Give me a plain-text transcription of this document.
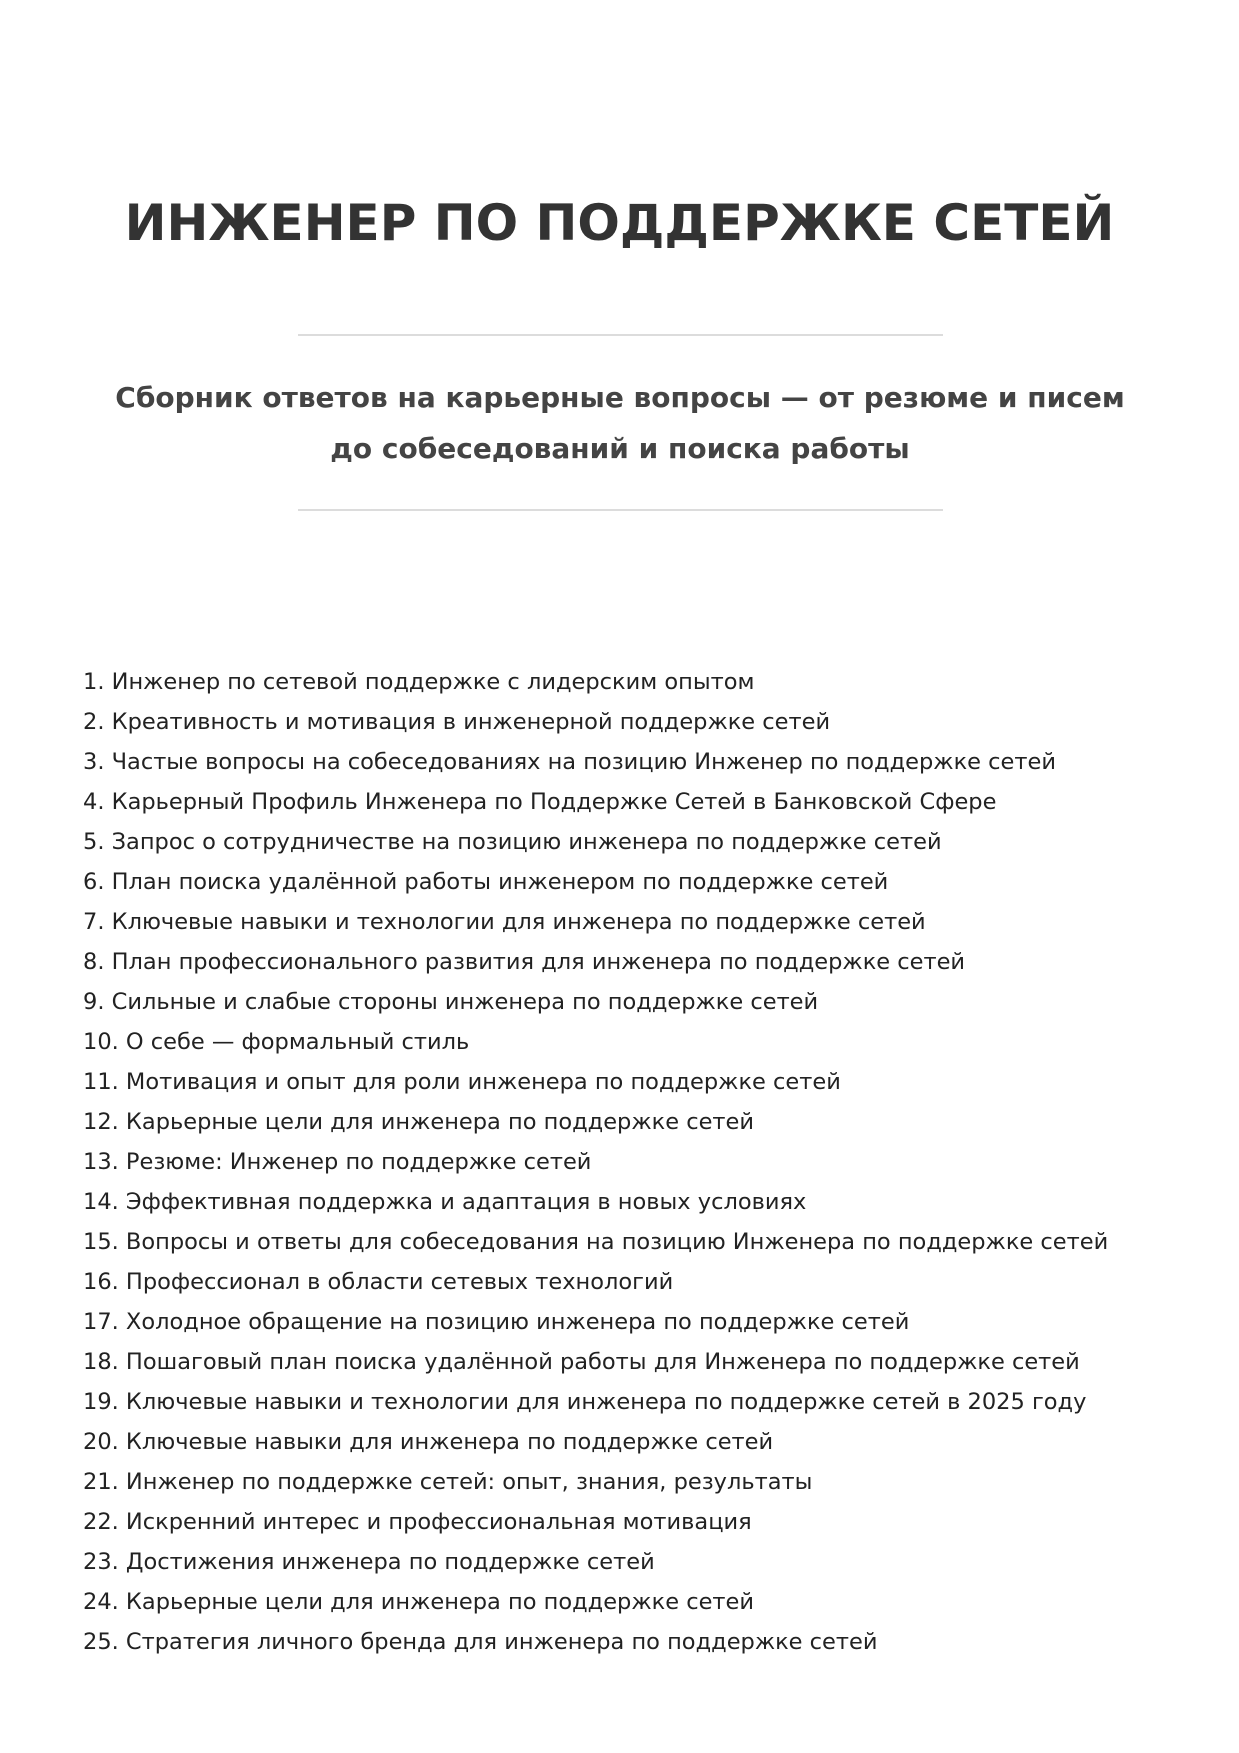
ИНЖЕНЕР ПО ПОДДЕРЖКЕ СЕТЕЙ

Сборник ответов на карьерные вопросы — от резюме и писем до собеседований и поиска работы

1. Инженер по сетевой поддержке с лидерским опытом
2. Креативность и мотивация в инженерной поддержке сетей
3. Частые вопросы на собеседованиях на позицию Инженер по поддержке сетей
4. Карьерный Профиль Инженера по Поддержке Сетей в Банковской Сфере
5. Запрос о сотрудничестве на позицию инженера по поддержке сетей
6. План поиска удалённой работы инженером по поддержке сетей
7. Ключевые навыки и технологии для инженера по поддержке сетей
8. План профессионального развития для инженера по поддержке сетей
9. Сильные и слабые стороны инженера по поддержке сетей
10. О себе — формальный стиль
11. Мотивация и опыт для роли инженера по поддержке сетей
12. Карьерные цели для инженера по поддержке сетей
13. Резюме: Инженер по поддержке сетей
14. Эффективная поддержка и адаптация в новых условиях
15. Вопросы и ответы для собеседования на позицию Инженера по поддержке сетей
16. Профессионал в области сетевых технологий
17. Холодное обращение на позицию инженера по поддержке сетей
18. Пошаговый план поиска удалённой работы для Инженера по поддержке сетей
19. Ключевые навыки и технологии для инженера по поддержке сетей в 2025 году
20. Ключевые навыки для инженера по поддержке сетей
21. Инженер по поддержке сетей: опыт, знания, результаты
22. Искренний интерес и профессиональная мотивация
23. Достижения инженера по поддержке сетей
24. Карьерные цели для инженера по поддержке сетей
25. Стратегия личного бренда для инженера по поддержке сетей
